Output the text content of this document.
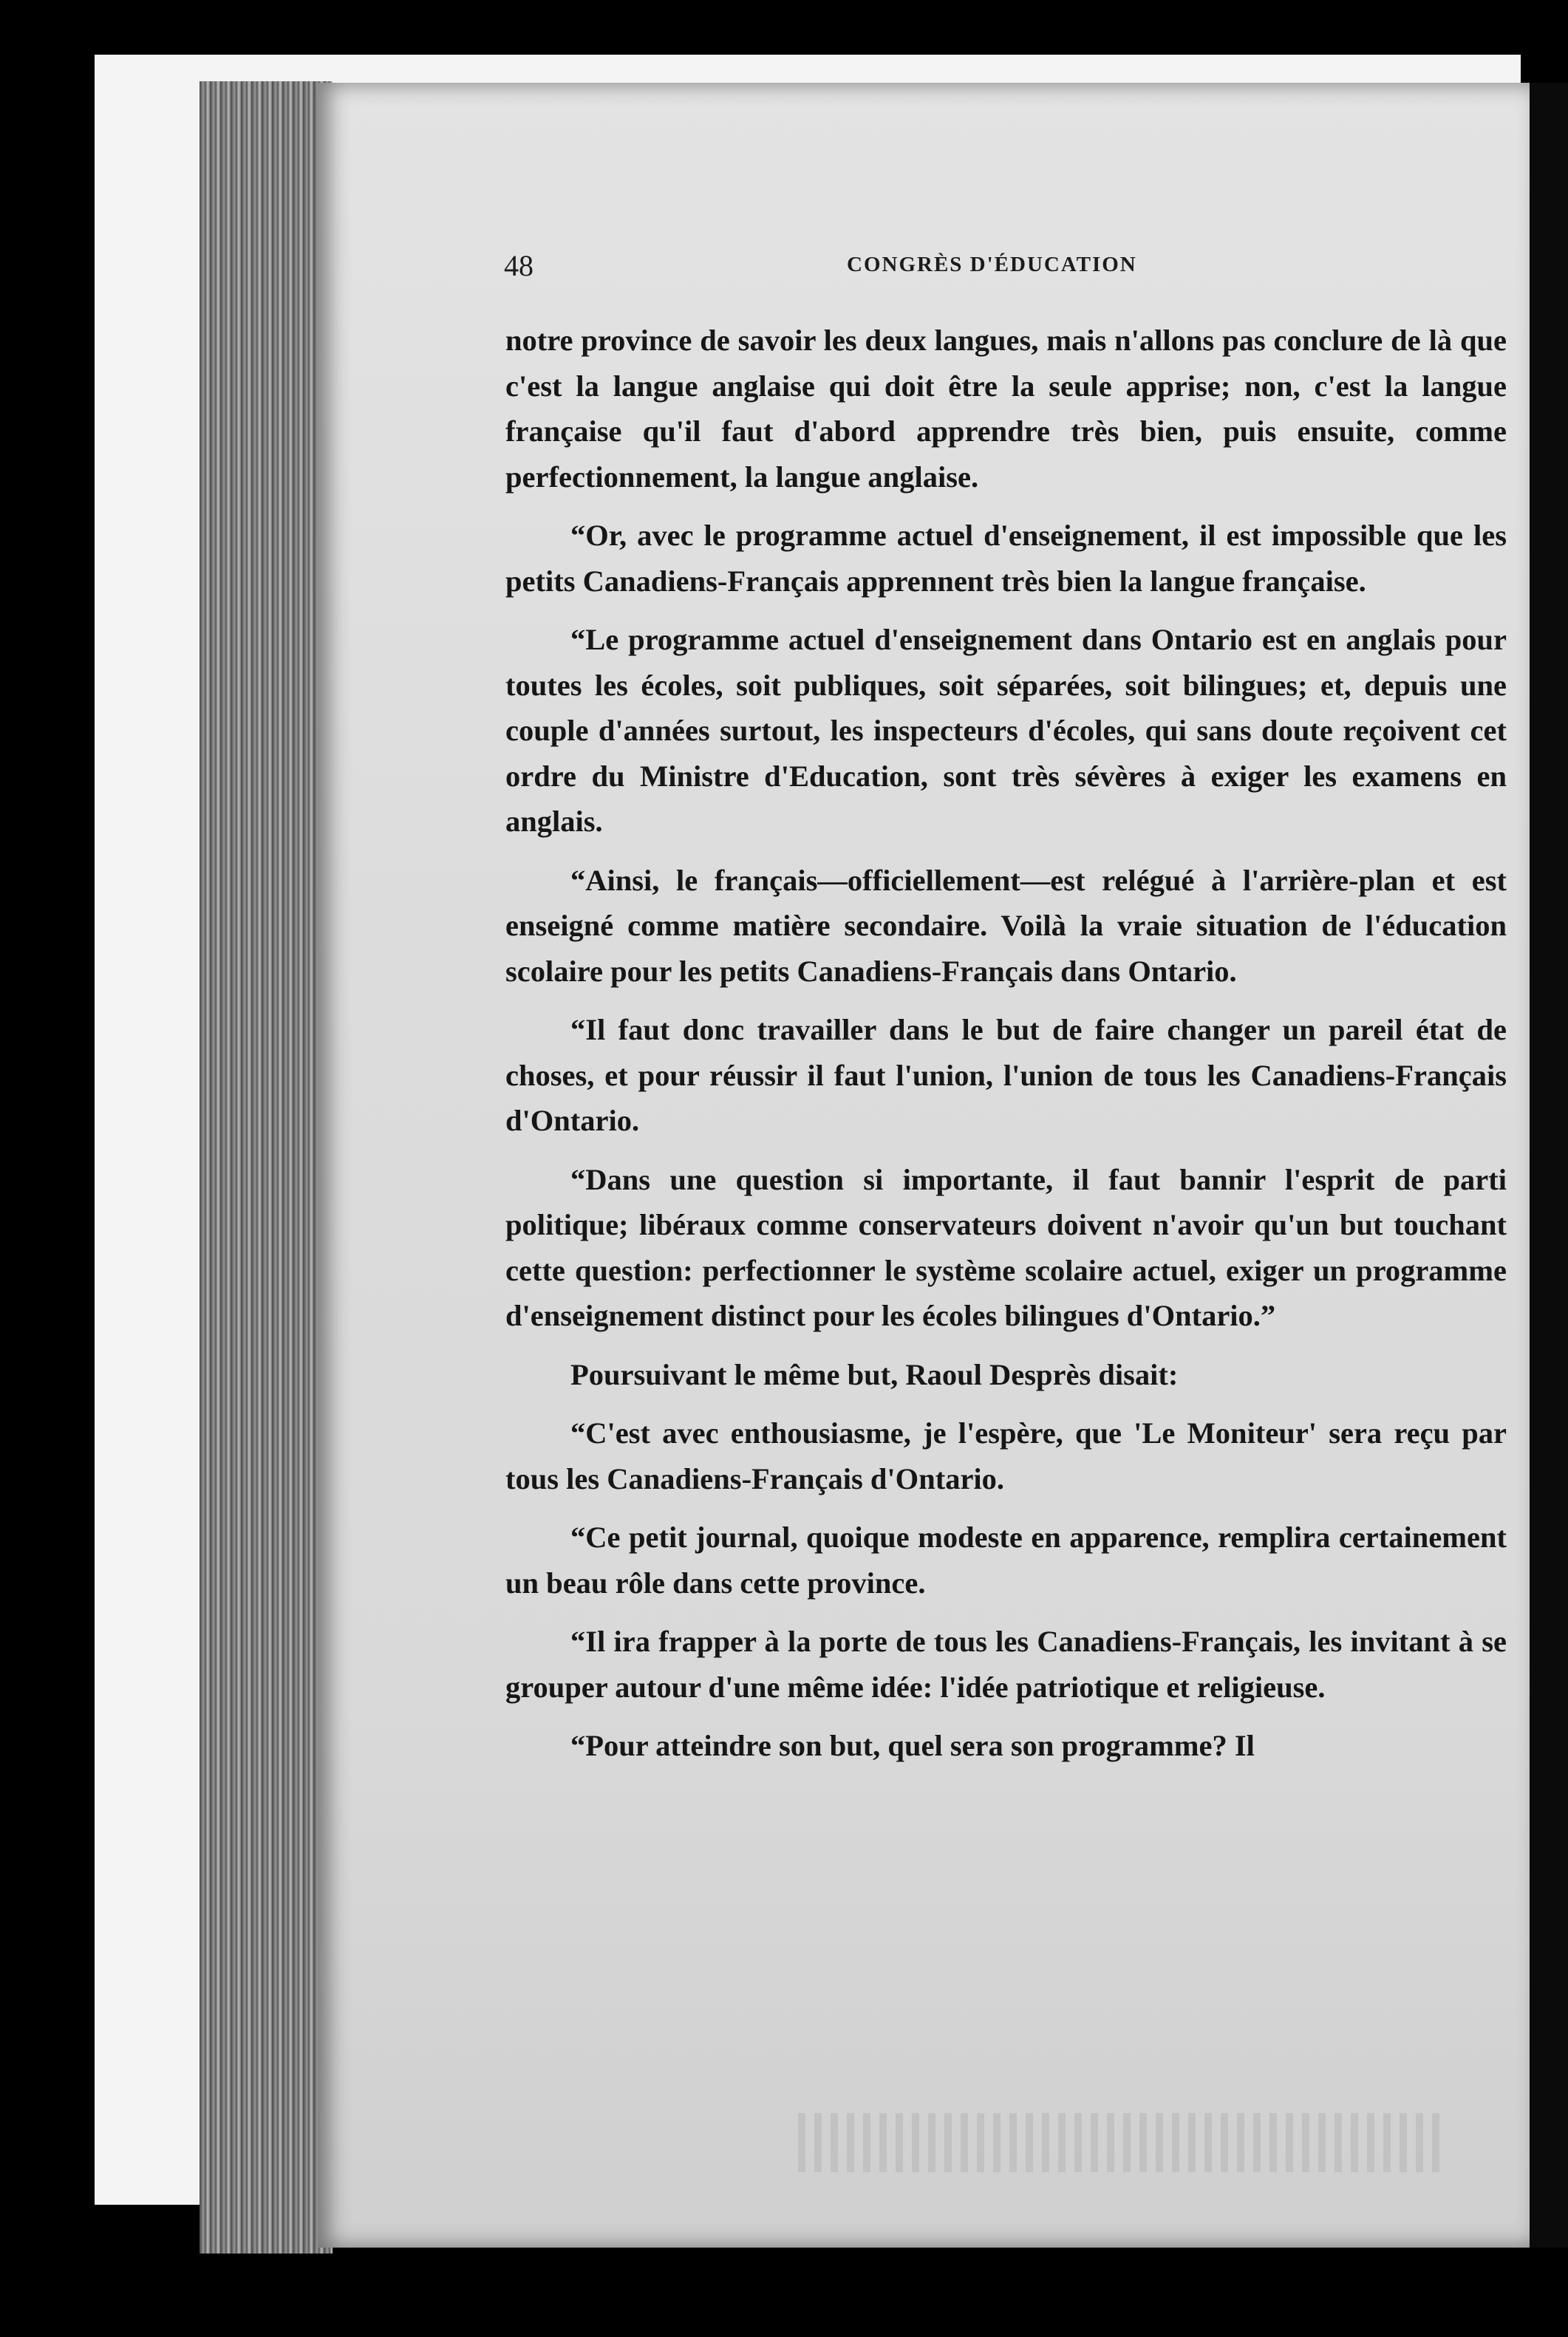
48	CONGRÈS D'ÉDUCATION

notre province de savoir les deux langues, mais n'allons pas conclure de là que c'est la langue anglaise qui doit être la seule apprise; non, c'est la langue française qu'il faut d'abord apprendre très bien, puis ensuite, comme perfectionnement, la langue anglaise.

“Or, avec le programme actuel d'enseignement, il est impossible que les petits Canadiens-Français apprennent très bien la langue française.

“Le programme actuel d'enseignement dans Ontario est en anglais pour toutes les écoles, soit publiques, soit séparées, soit bilingues; et, depuis une couple d'années surtout, les inspecteurs d'écoles, qui sans doute reçoivent cet ordre du Ministre d'Education, sont très sévères à exiger les examens en anglais.

“Ainsi, le français—officiellement—est relégué à l'arrière-plan et est enseigné comme matière secondaire. Voilà la vraie situation de l'éducation scolaire pour les petits Canadiens-Français dans Ontario.

“Il faut donc travailler dans le but de faire changer un pareil état de choses, et pour réussir il faut l'union, l'union de tous les Canadiens-Français d'Ontario.

“Dans une question si importante, il faut bannir l'esprit de parti politique; libéraux comme conservateurs doivent n'avoir qu'un but touchant cette question: perfectionner le système scolaire actuel, exiger un programme d'enseignement distinct pour les écoles bilingues d'Ontario.”

Poursuivant le même but, Raoul Desprès disait:

“C'est avec enthousiasme, je l'espère, que 'Le Moniteur' sera reçu par tous les Canadiens-Français d'Ontario.

“Ce petit journal, quoique modeste en apparence, remplira certainement un beau rôle dans cette province.

“Il ira frapper à la porte de tous les Canadiens-Français, les invitant à se grouper autour d'une même idée: l'idée patriotique et religieuse.

“Pour atteindre son but, quel sera son programme? Il
